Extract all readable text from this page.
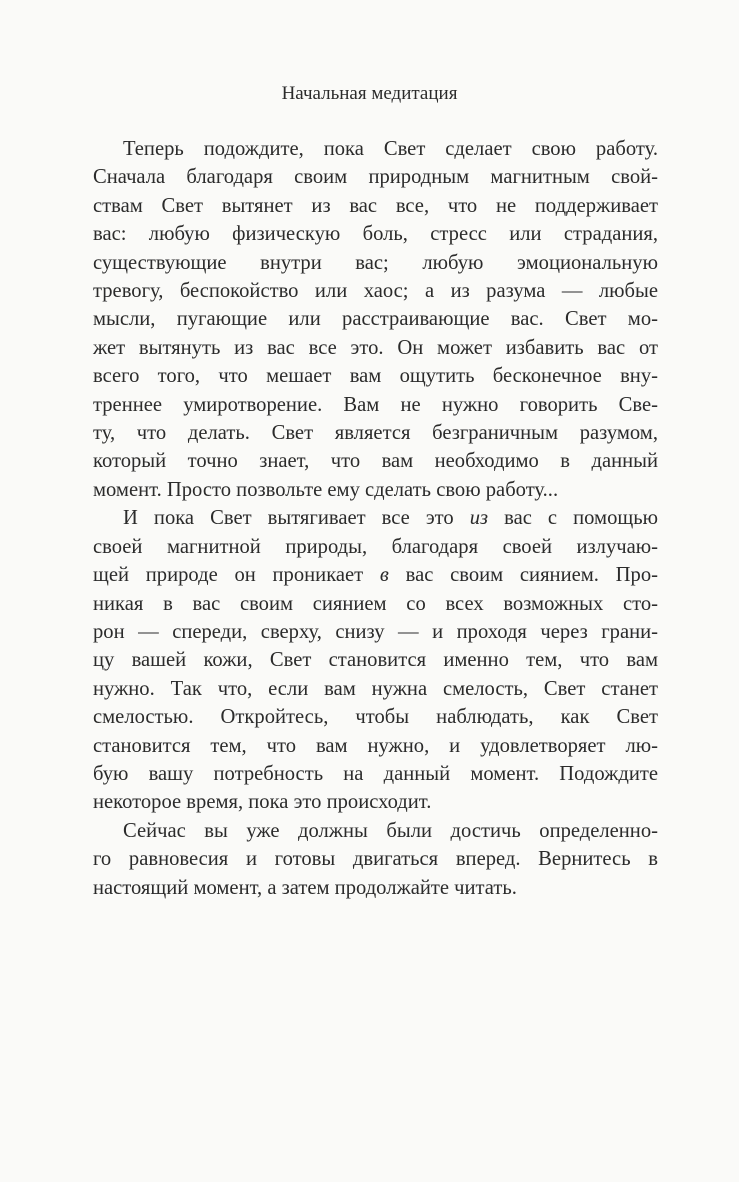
Начальная медитация
Теперь подождите, пока Свет сделает свою работу.
Сначала благодаря своим природным магнитным свой-
ствам Свет вытянет из вас все, что не поддерживает
вас: любую физическую боль, стресс или страдания,
существующие внутри вас; любую эмоциональную
тревогу, беспокойство или хаос; а из разума — любые
мысли, пугающие или расстраивающие вас. Свет мо-
жет вытянуть из вас все это. Он может избавить вас от
всего того, что мешает вам ощутить бесконечное вну-
треннее умиротворение. Вам не нужно говорить Све-
ту, что делать. Свет является безграничным разумом,
который точно знает, что вам необходимо в данный
момент. Просто позвольте ему сделать свою работу...
И пока Свет вытягивает все это из вас с помощью
своей магнитной природы, благодаря своей излучаю-
щей природе он проникает в вас своим сиянием. Про-
никая в вас своим сиянием со всех возможных сто-
рон — спереди, сверху, снизу — и проходя через грани-
цу вашей кожи, Свет становится именно тем, что вам
нужно. Так что, если вам нужна смелость, Свет станет
смелостью. Откройтесь, чтобы наблюдать, как Свет
становится тем, что вам нужно, и удовлетворяет лю-
бую вашу потребность на данный момент. Подождите
некоторое время, пока это происходит.
Сейчас вы уже должны были достичь определенно-
го равновесия и готовы двигаться вперед. Вернитесь в
настоящий момент, а затем продолжайте читать.
